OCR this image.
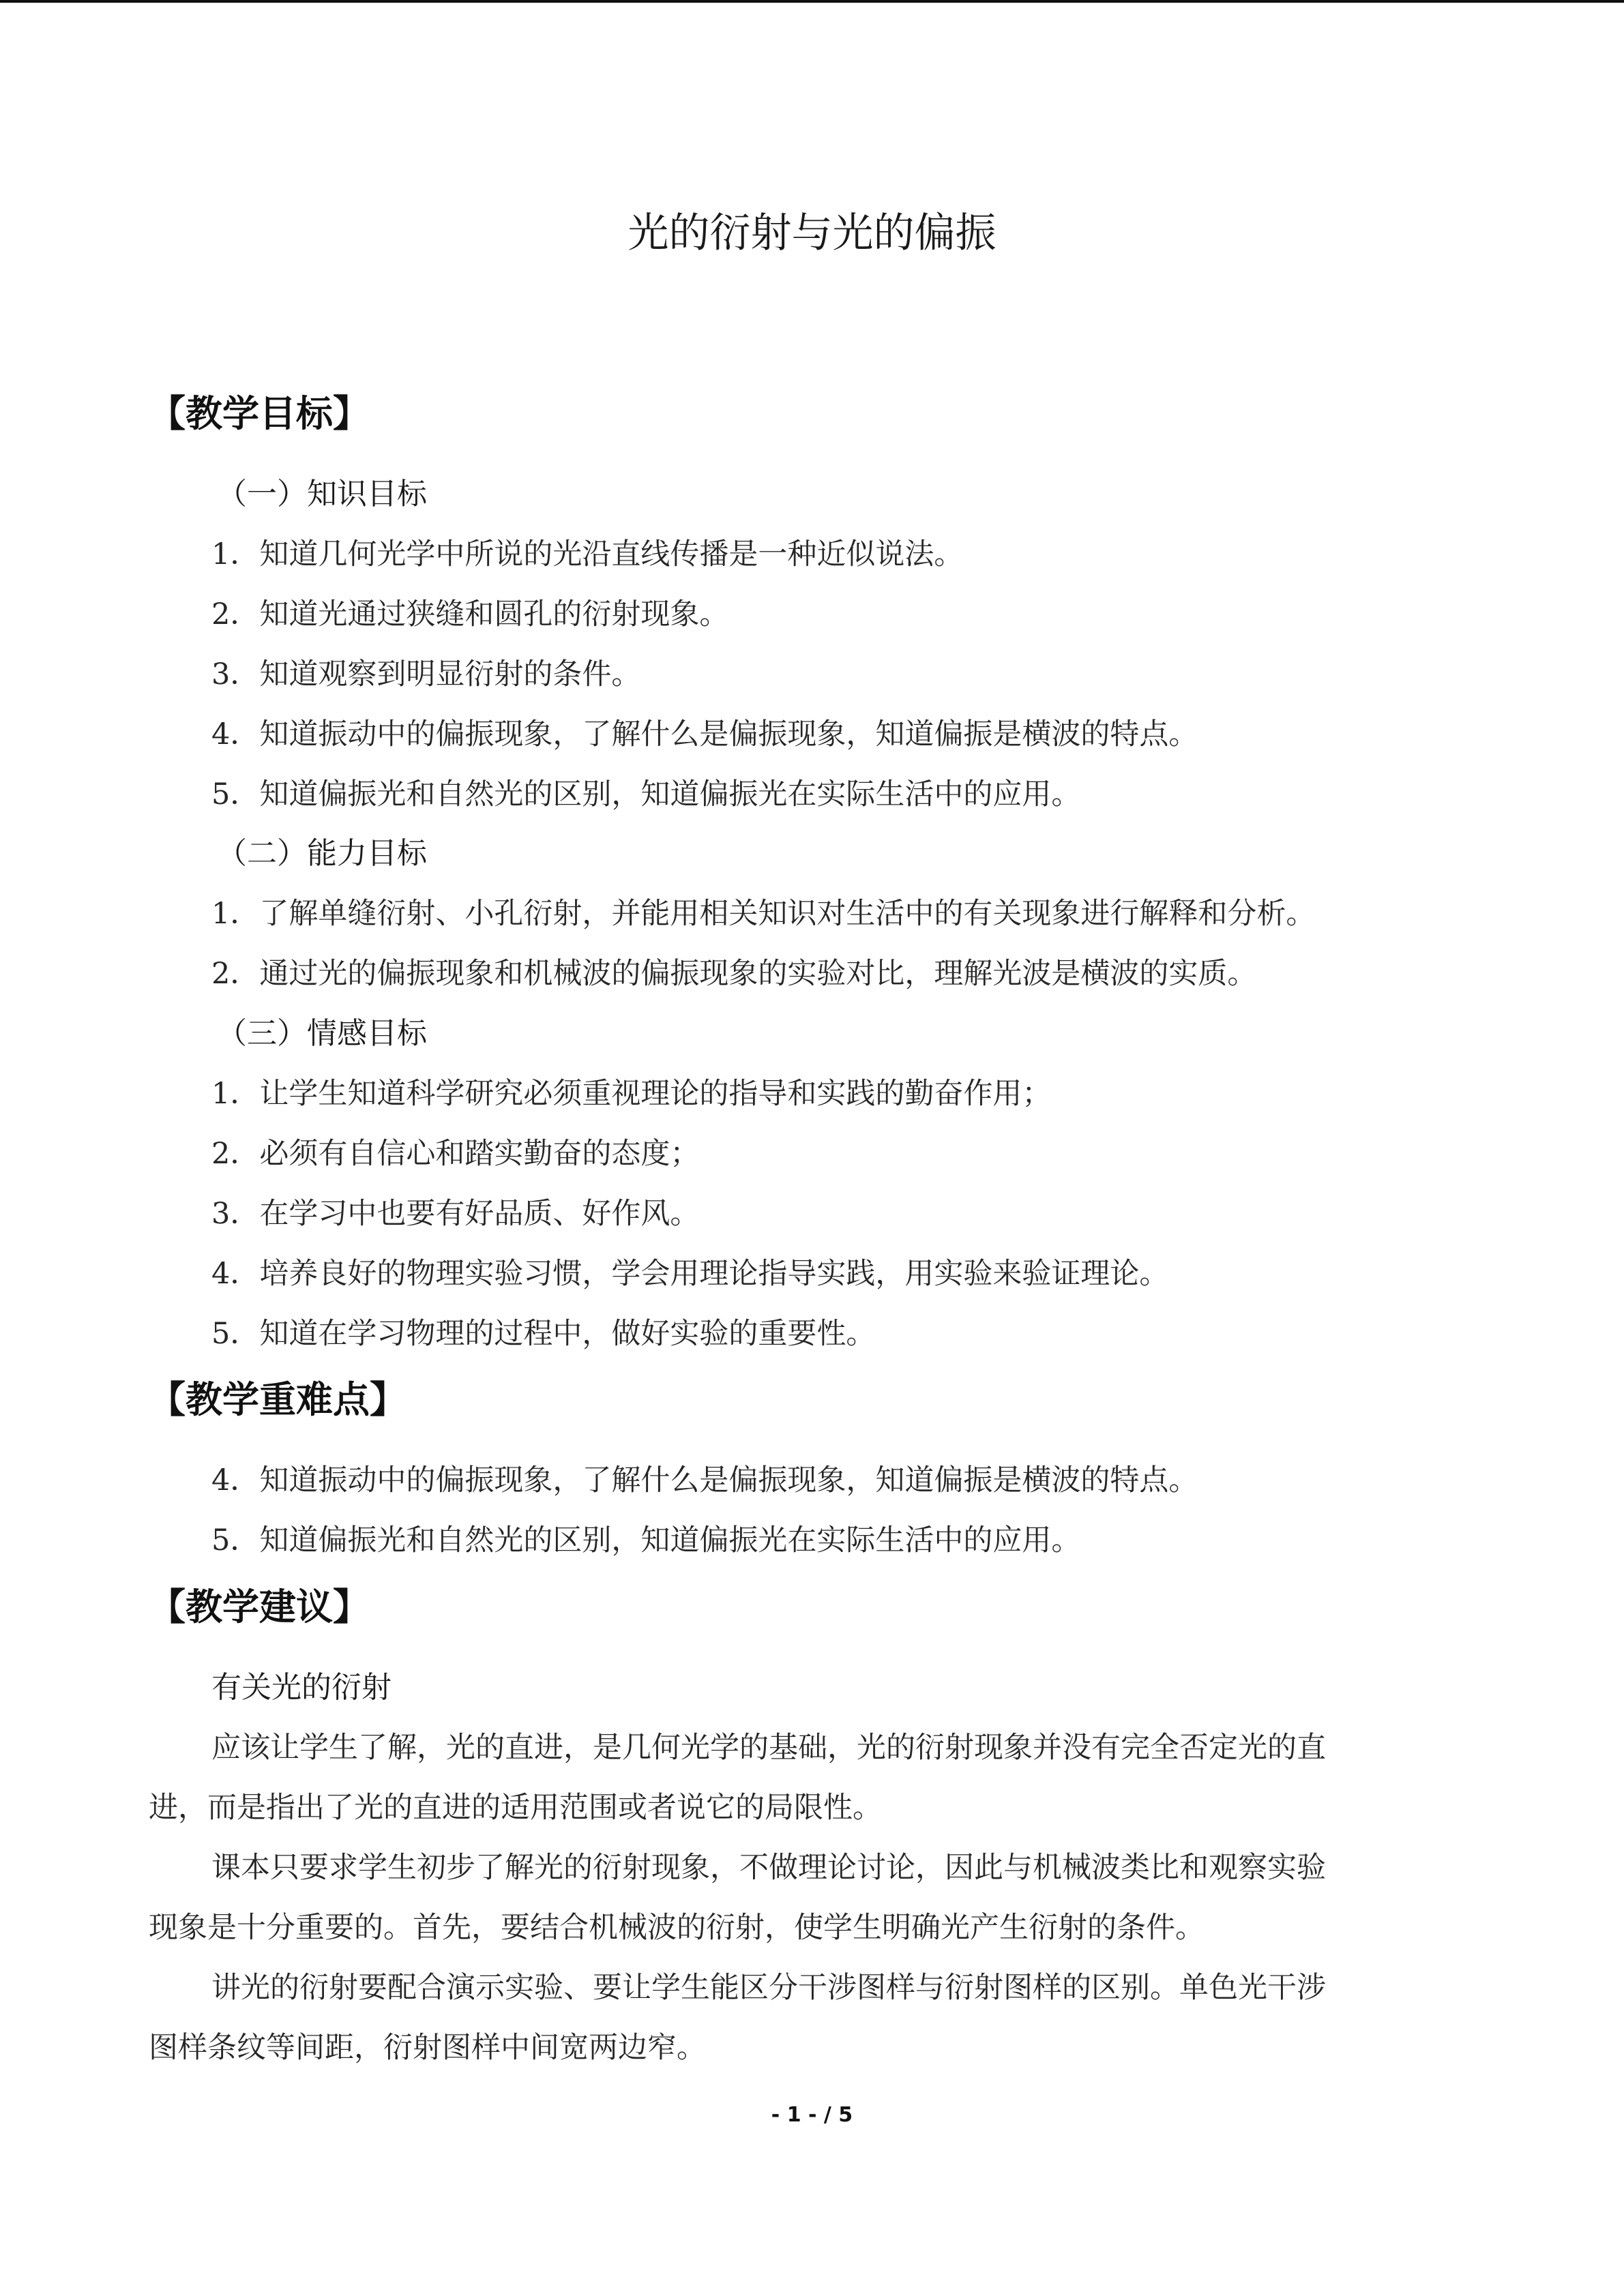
光的衍射与光的偏振
【教学目标】
（一）知识目标
1．知道几何光学中所说的光沿直线传播是一种近似说法。
2．知道光通过狭缝和圆孔的衍射现象。
3．知道观察到明显衍射的条件。
4．知道振动中的偏振现象，了解什么是偏振现象，知道偏振是横波的特点。
5．知道偏振光和自然光的区别，知道偏振光在实际生活中的应用。
（二）能力目标
1．了解单缝衍射、小孔衍射，并能用相关知识对生活中的有关现象进行解释和分析。
2．通过光的偏振现象和机械波的偏振现象的实验对比，理解光波是横波的实质。
（三）情感目标
1．让学生知道科学研究必须重视理论的指导和实践的勤奋作用；
2．必须有自信心和踏实勤奋的态度；
3．在学习中也要有好品质、好作风。
4．培养良好的物理实验习惯，学会用理论指导实践，用实验来验证理论。
5．知道在学习物理的过程中，做好实验的重要性。
【教学重难点】
4．知道振动中的偏振现象，了解什么是偏振现象，知道偏振是横波的特点。
5．知道偏振光和自然光的区别，知道偏振光在实际生活中的应用。
【教学建议】
有关光的衍射
应该让学生了解，光的直进，是几何光学的基础，光的衍射现象并没有完全否定光的直
进，而是指出了光的直进的适用范围或者说它的局限性。
课本只要求学生初步了解光的衍射现象，不做理论讨论，因此与机械波类比和观察实验
现象是十分重要的。首先，要结合机械波的衍射，使学生明确光产生衍射的条件。
讲光的衍射要配合演示实验、要让学生能区分干涉图样与衍射图样的区别。单色光干涉
图样条纹等间距，衍射图样中间宽两边窄。
- 1 - / 5
